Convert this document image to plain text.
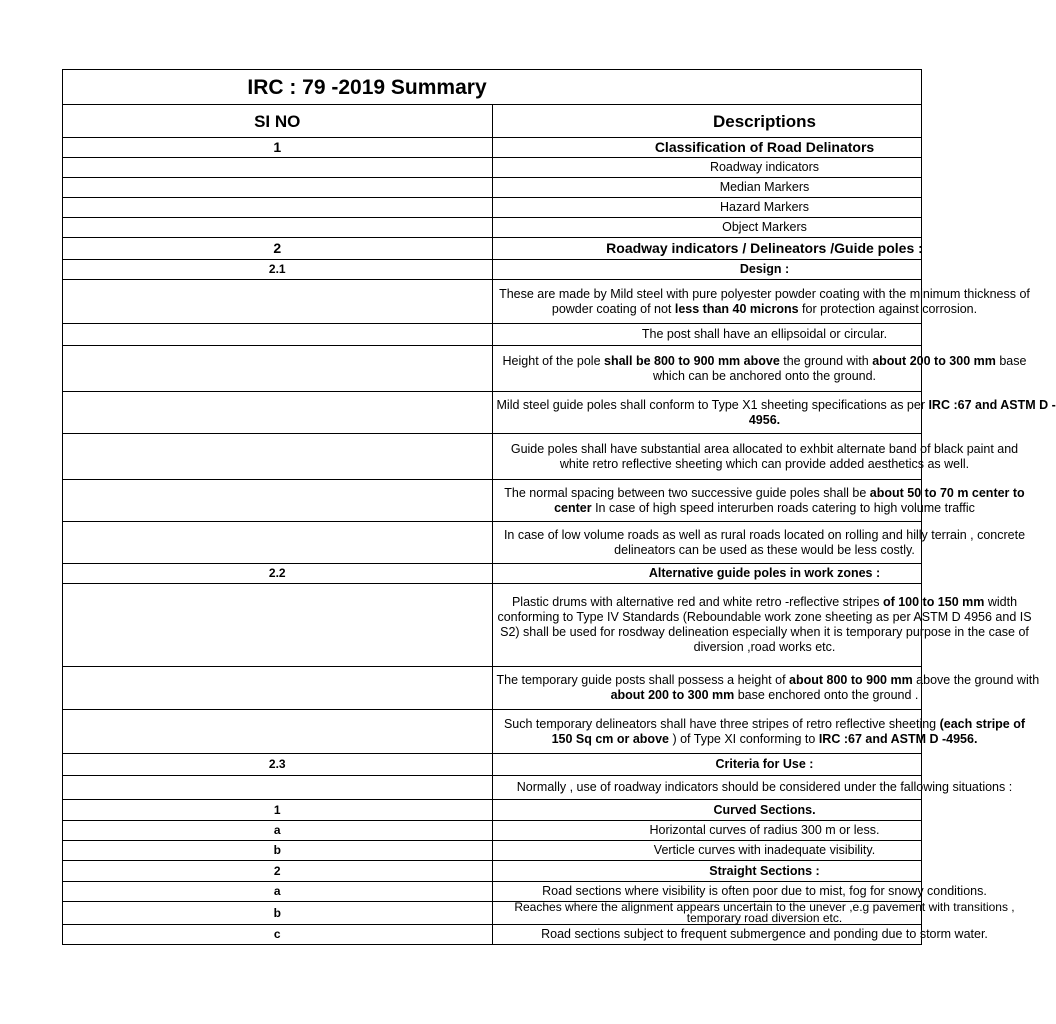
IRC : 79 -2019 Summary	

SI NO	Descriptions

1	Classification of Road Delinators

	Roadway indicators

	Median Markers

	Hazard Markers

	Object Markers

2	Roadway indicators / Delineators /Guide poles :

2.1	Design :

	These are made by Mild steel with pure polyester powder coating with the minimum thickness of
powder coating of not less than 40 microns for protection against corrosion.

	The post shall have an ellipsoidal or circular.

	Height of the pole shall be 800 to 900 mm above the ground with about 200 to 300 mm base
which can be anchored onto the ground.

	Mild steel guide poles shall conform to Type X1 sheeting specifications as per IRC :67 and ASTM D -
4956.

	Guide poles shall have substantial area allocated to exhbit alternate band of black paint and
white retro reflective sheeting which can provide added aesthetics as well.

	The normal spacing between two successive guide poles shall be about 50 to 70 m center to
center In case of high speed interurben roads catering to high volume traffic

	In case of low volume roads as well as rural roads located on rolling and hilly terrain , concrete
delineators can be used as these would be less costly.

2.2	Alternative guide poles in work zones :

	Plastic drums with alternative red and white retro -reflective stripes of 100 to 150 mm width
conforming to Type IV Standards (Reboundable work zone sheeting as per ASTM D 4956 and IS
S2) shall be used for rosdway delineation especially when it is temporary purpose in the case of
diversion ,road works etc.

	The temporary guide posts shall possess a height of about 800 to 900 mm above the ground with
about 200 to 300 mm base enchored onto the ground .

	Such temporary delineators shall have three stripes of retro reflective sheeting (each stripe of
150 Sq cm or above ) of Type XI conforming to IRC :67 and ASTM D -4956.

2.3	Criteria for Use :

	Normally , use of roadway indicators should be considered under the fallowing situations :

1	Curved Sections.

a	Horizontal curves of radius 300 m or less.

b	Verticle curves with inadequate visibility.

2	Straight Sections :

a	Road sections where visibility is often poor due to mist, fog for snowy conditions.

b	Reaches where the alignment appears uncertain to the unever ,e.g pavement with transitions ,
temporary road diversion etc.

c	Road sections subject to frequent submergence and ponding due to storm water.
